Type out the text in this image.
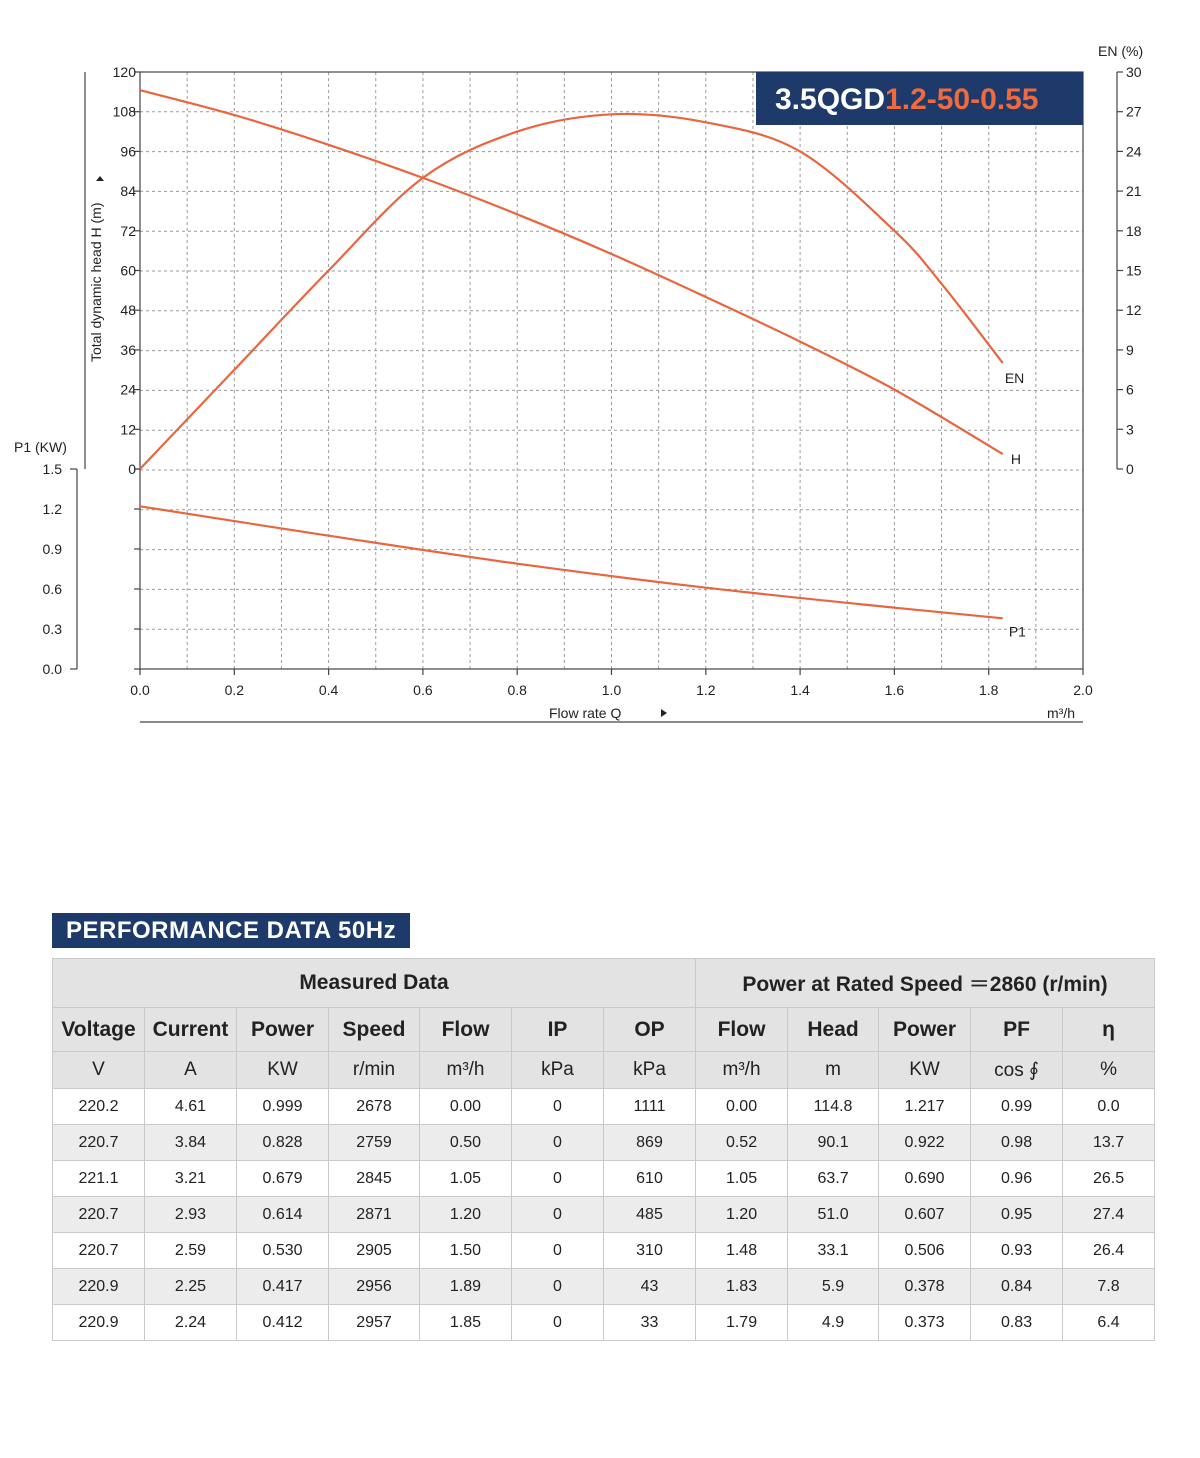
0
12
24
36
48
60
72
84
96
108
120
Total dynamic head H (m)
0.0
0.3
0.6
0.9
1.2
1.5
P1 (KW)
0
3
6
9
12
15
18
21
24
27
30
EN (%)
0.0	0.2	0.4	0.6	0.8	1.0	1.2	1.4	1.6	1.8	2.0
Flow rate Q	m³/h
H
EN
P1
3.5QGD1.2-50-0.55
PERFORMANCE DATA 50Hz
Measured Data							Power at Rated Speed ＝2860 (r/min)				
Voltage	Current	Power	Speed	Flow	IP	OP	Flow	Head	Power	PF	η
V	A	KW	r/min	m³/h	kPa	kPa	m³/h	m	KW	cos ∮	%
220.2	4.61	0.999	2678	0.00	0	1111	0.00	114.8	1.217	0.99	0.0
220.7	3.84	0.828	2759	0.50	0	869	0.52	90.1	0.922	0.98	13.7
221.1	3.21	0.679	2845	1.05	0	610	1.05	63.7	0.690	0.96	26.5
220.7	2.93	0.614	2871	1.20	0	485	1.20	51.0	0.607	0.95	27.4
220.7	2.59	0.530	2905	1.50	0	310	1.48	33.1	0.506	0.93	26.4
220.9	2.25	0.417	2956	1.89	0	43	1.83	5.9	0.378	0.84	7.8
220.9	2.24	0.412	2957	1.85	0	33	1.79	4.9	0.373	0.83	6.4
